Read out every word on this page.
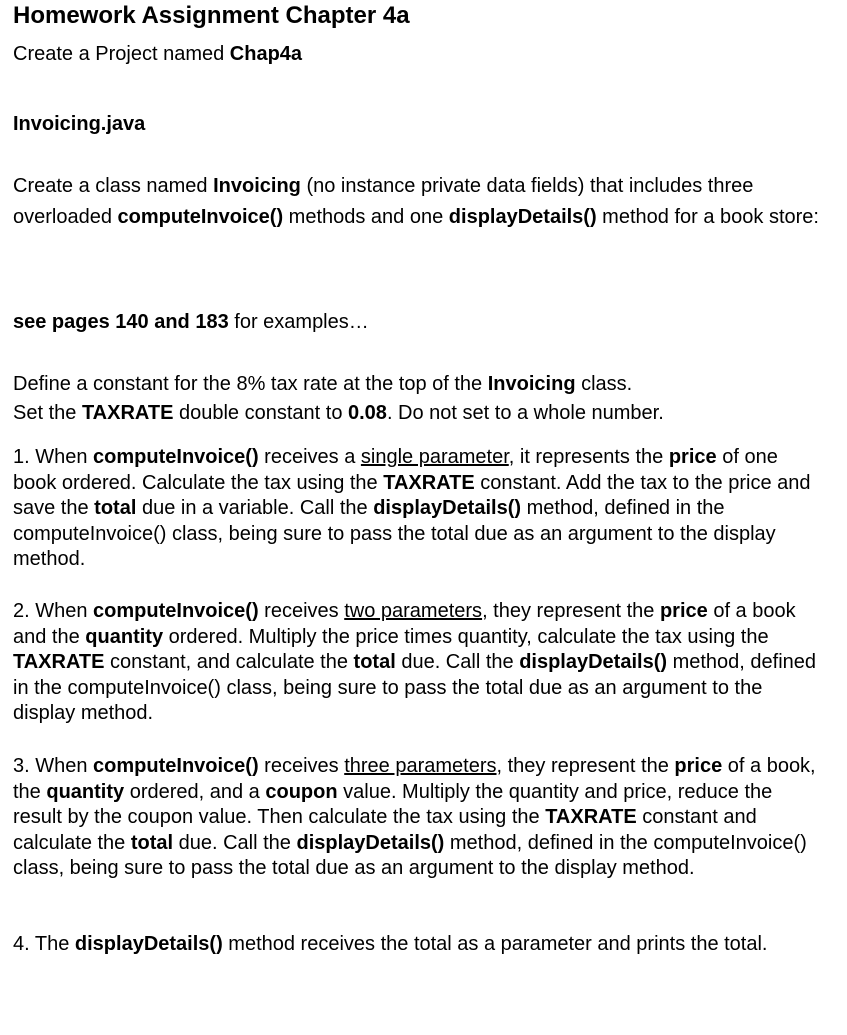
Homework Assignment Chapter 4a
Create a Project named Chap4a
Invoicing.java
Create a class named Invoicing (no instance private data fields) that includes three overloaded computeInvoice() methods and one displayDetails() method for a book store:
see pages 140 and 183 for examples…
Define a constant for the 8% tax rate at the top of the Invoicing class.
Set the TAXRATE double constant to 0.08. Do not set to a whole number.
1. When computeInvoice() receives a single parameter, it represents the price of one book ordered. Calculate the tax using the TAXRATE constant. Add the tax to the price and save the total due in a variable. Call the displayDetails() method, defined in the computeInvoice() class, being sure to pass the total due as an argument to the display method.
2. When computeInvoice() receives two parameters, they represent the price of a book and the quantity ordered. Multiply the price times quantity, calculate the tax using the TAXRATE constant, and calculate the total due. Call the displayDetails() method, defined in the computeInvoice() class, being sure to pass the total due as an argument to the display method.
3. When computeInvoice() receives three parameters, they represent the price of a book, the quantity ordered, and a coupon value. Multiply the quantity and price, reduce the result by the coupon value. Then calculate the tax using the TAXRATE constant and calculate the total due. Call the displayDetails() method, defined in the computeInvoice() class, being sure to pass the total due as an argument to the display method.
4. The displayDetails() method receives the total as a parameter and prints the total.
